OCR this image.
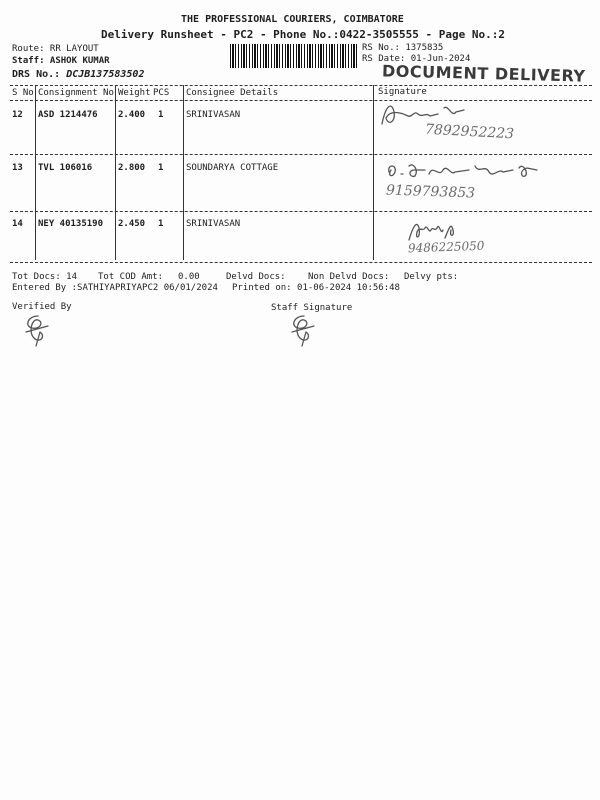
THE PROFESSIONAL COURIERS, COIMBATORE
Delivery Runsheet - PC2 - Phone No.:0422-3505555 - Page No.:2
Route: RR LAYOUT
Staff: ASHOK KUMAR
DRS No.: DCJB137583502
RS No.: 1375835
RS Date: 01-Jun-2024
DOCUMENT DELIVERY
S No Consignment No Weight PCS Consignee Details	Signature
12 ASD 1214476 2.400 1	SRINIVASAN
7892952223
13 TVL 106016	2.800 1	SOUNDARYA COTTAGE
9159793853
14 NEY 40135190 2.450 1	SRINIVASAN
9486225050
Tot Docs: 14 Tot COD Amt: 0.00	Delvd Docs: Non Delvd Docs: Delvy pts:
Entered By :SATHIYAPRIYAPC2 06/01/2024 Printed on: 01-06-2024 10:56:48
Verified By	Staff Signature
